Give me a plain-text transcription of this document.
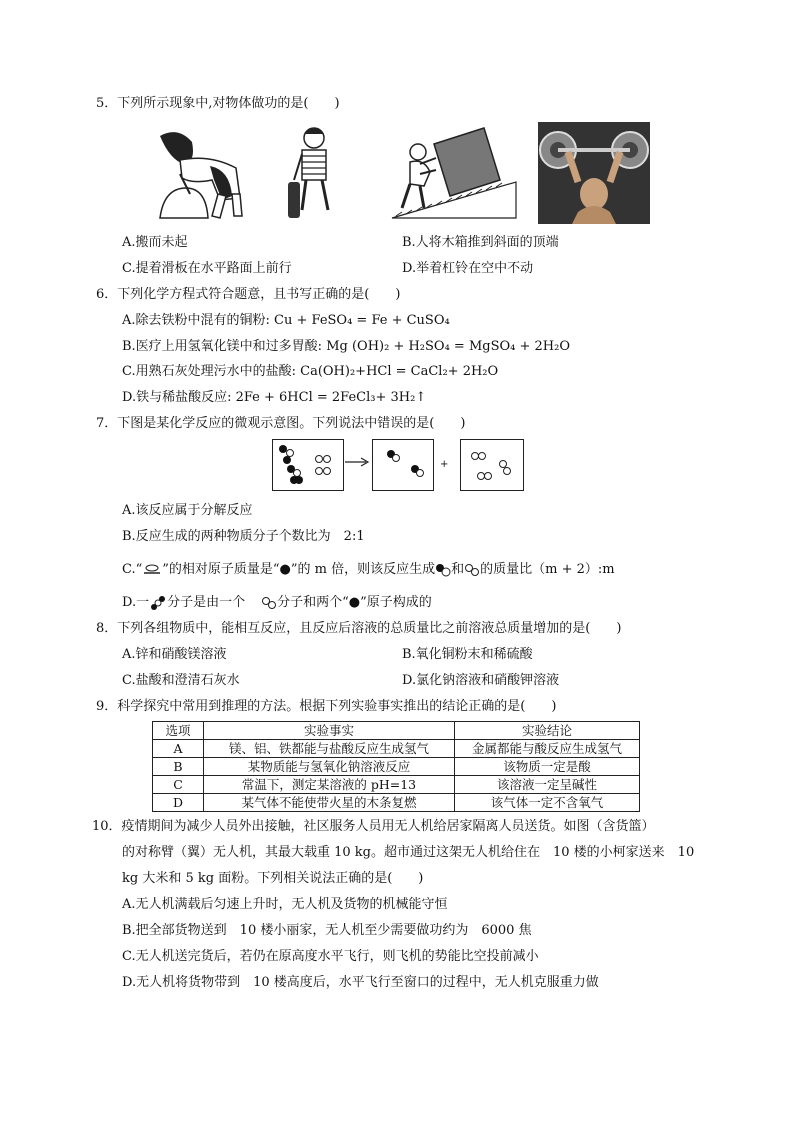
5．下列所示现象中,对物体做功的是(　　)
A.搬而未起	B.人将木箱推到斜面的顶端
C.提着滑板在水平路面上前行	D.举着杠铃在空中不动
6．下列化学方程式符合题意，且书写正确的是(　　)
A.除去铁粉中混有的铜粉: Cu + FeSO₄ = Fe + CuSO₄
B.医疗上用氢氧化镁中和过多胃酸: Mg (OH)₂ + H₂SO₄ = MgSO₄ + 2H₂O
C.用熟石灰处理污水中的盐酸: Ca(OH)₂+HCl = CaCl₂+ 2H₂O
D.铁与稀盐酸反应: 2Fe + 6HCl = 2FeCl₃+ 3H₂↑
7．下图是某化学反应的微观示意图。下列说法中错误的是(　　)
+
A.该反应属于分解反应
B.反应生成的两种物质分子个数比为　2:1
C.“ ”的相对原子质量是“●”的 m 倍，则该反应生成 和 的质量比（m + 2）:m
D.一 分子是由一个 分子和两个“●”原子构成的
8．下列各组物质中，能相互反应，且反应后溶液的总质量比之前溶液总质量增加的是(　　)
A.锌和硝酸镁溶液	B.氧化铜粉末和稀硫酸
C.盐酸和澄清石灰水	D.氯化钠溶液和硝酸钾溶液
9．科学探究中常用到推理的方法。根据下列实验事实推出的结论正确的是(　　)
选项	实验事实	实验结论
A	镁、铝、铁都能与盐酸反应生成氢气	金属都能与酸反应生成氢气
B	某物质能与氢氧化钠溶液反应	该物质一定是酸
C	常温下，测定某溶液的 pH=13	该溶液一定呈碱性
D	某气体不能使带火星的木条复燃	该气体一定不含氧气
10．疫情期间为减少人员外出接触，社区服务人员用无人机给居家隔离人员送货。如图（含货篮）
的对称臂（翼）无人机，其最大载重 10 kg。超市通过这架无人机给住在　10 楼的小柯家送来　10
kg 大米和 5 kg 面粉。下列相关说法正确的是(　　)
A.无人机满载后匀速上升时，无人机及货物的机械能守恒
B.把全部货物送到　10 楼小丽家，无人机至少需要做功约为　6000 焦
C.无人机送完货后，若仍在原高度水平飞行，则飞机的势能比空投前减小
D.无人机将货物带到　10 楼高度后，水平飞行至窗口的过程中，无人机克服重力做
